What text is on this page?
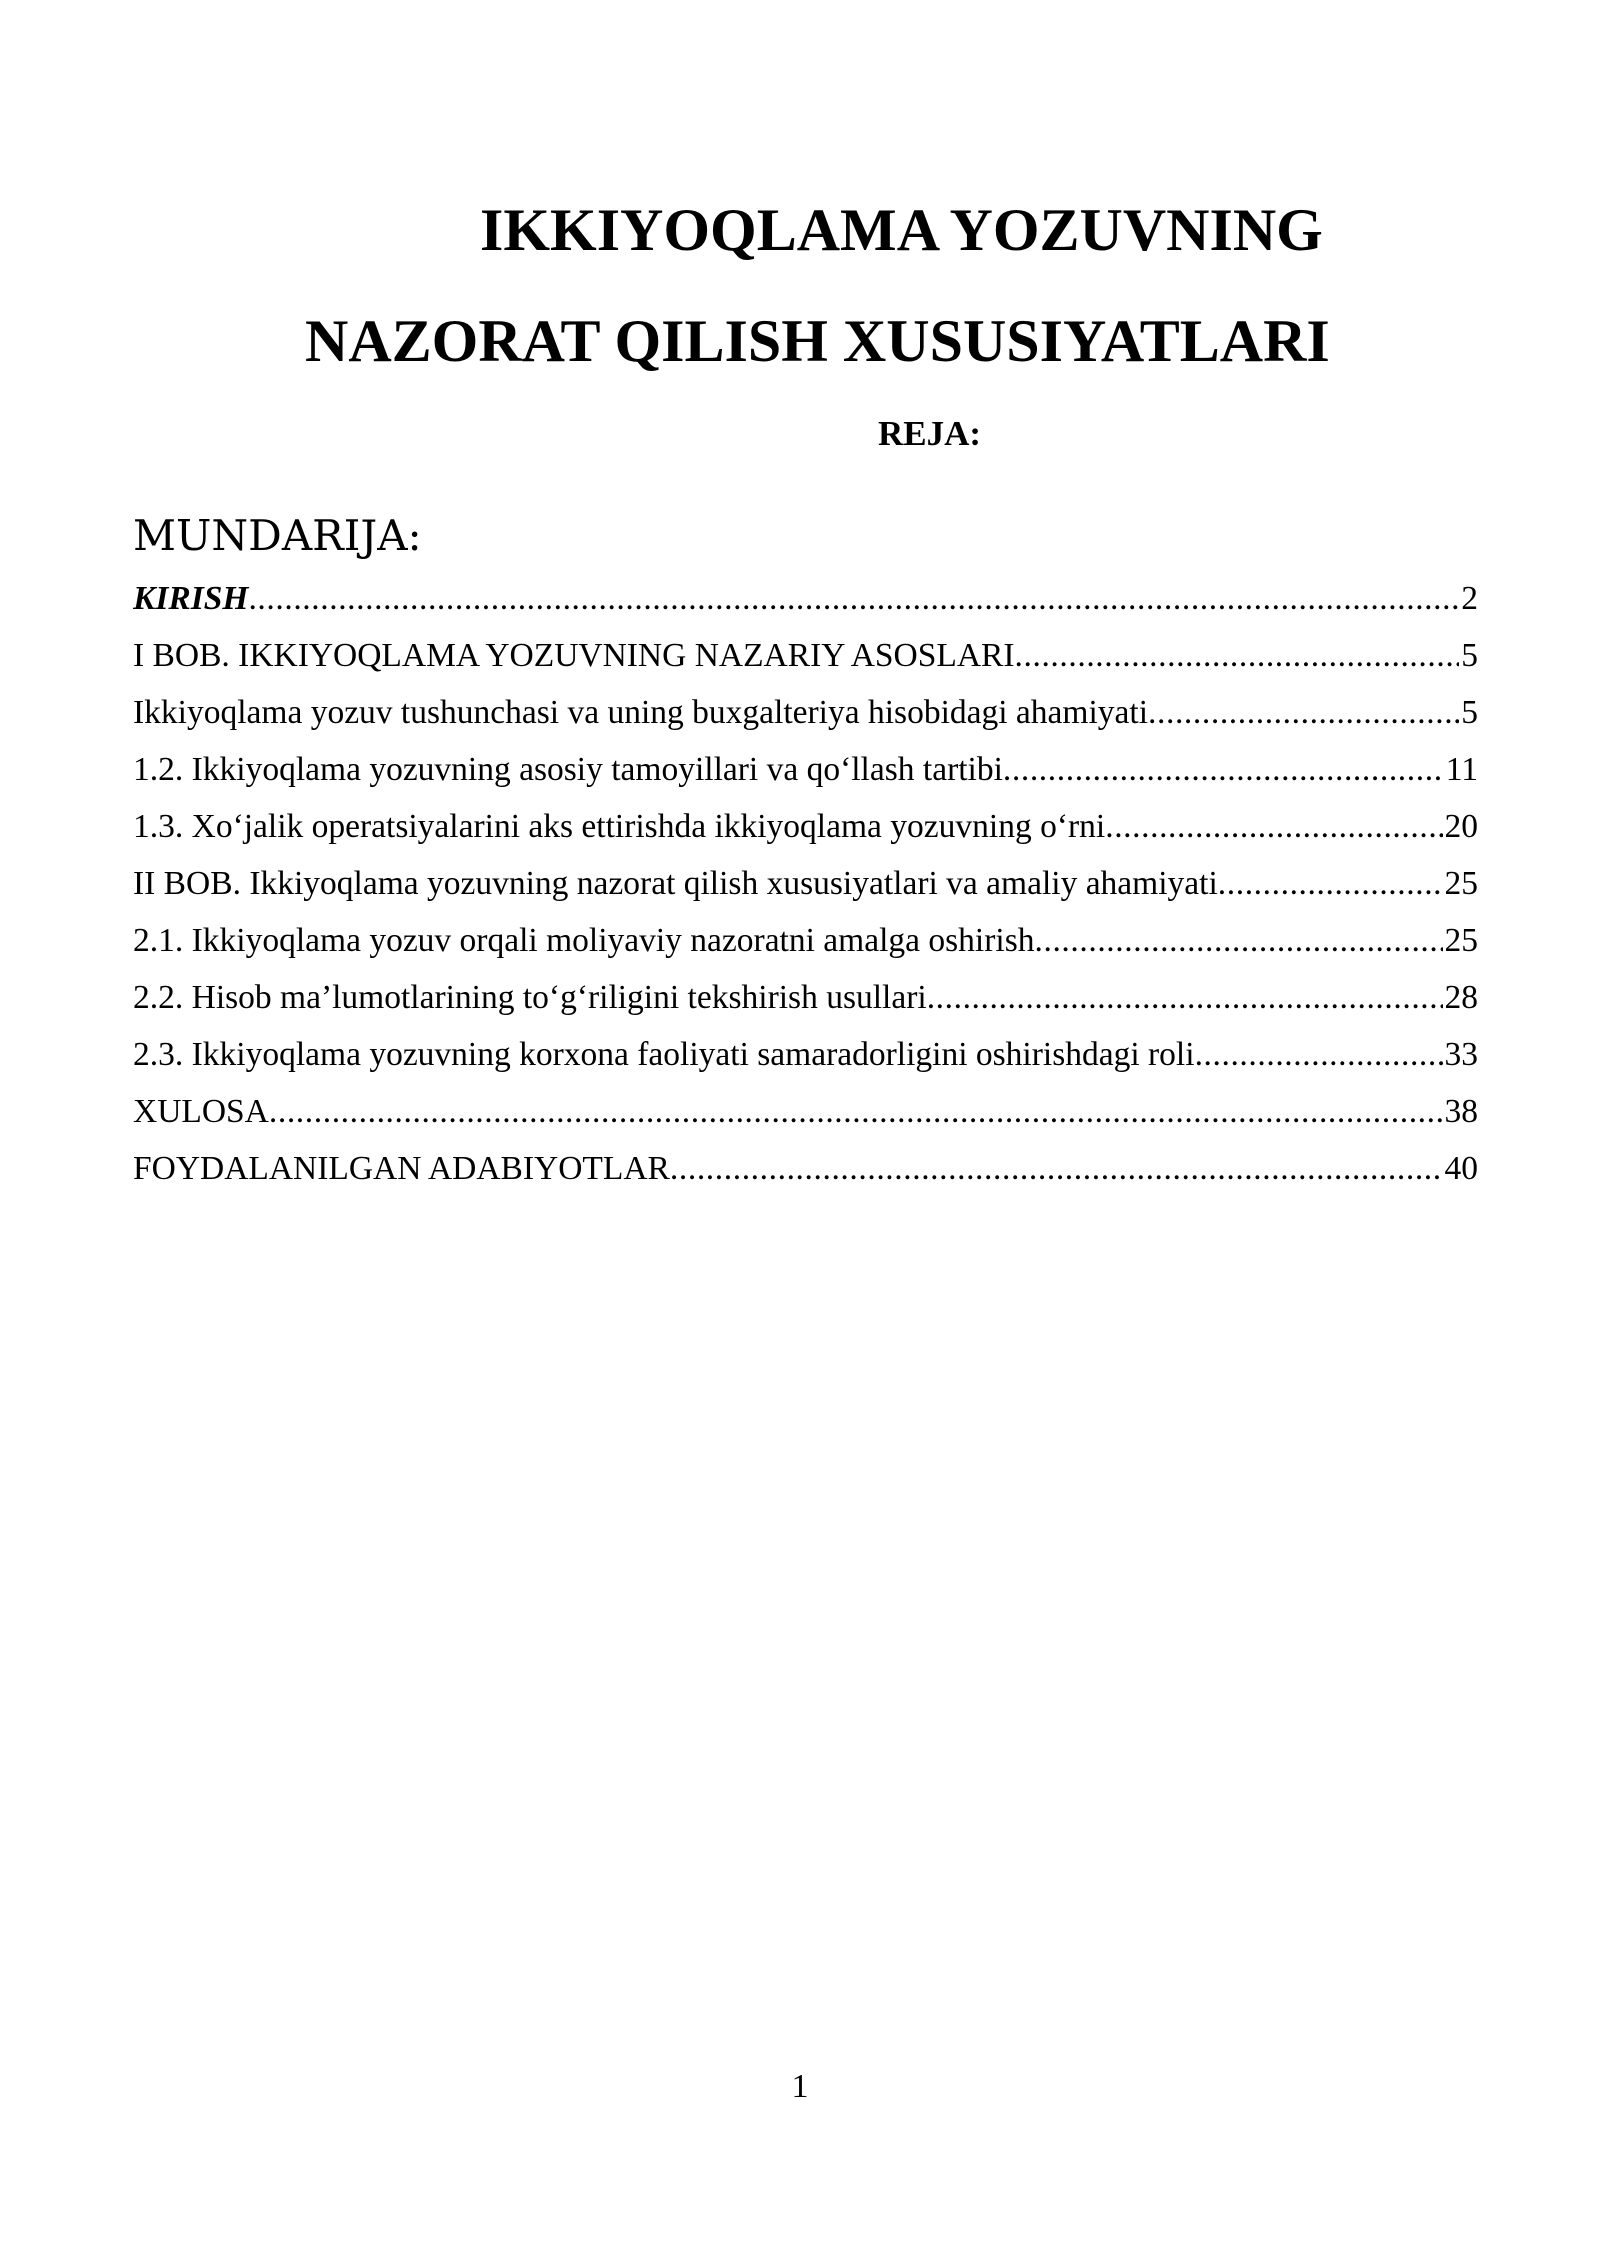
IKKIYOQLAMA YOZUVNING
NAZORAT QILISH XUSUSIYATLARI
REJA:
MUNDARIJA:
KIRISH .....	2
I BOB. IKKIYOQLAMA YOZUVNING NAZARIY ASOSLARI .....	5
Ikkiyoqlama yozuv tushunchasi va uning buxgalteriya hisobidagi ahamiyati .....	5
1.2. Ikkiyoqlama yozuvning asosiy tamoyillari va qo‘llash tartibi .....	11
1.3. Xo‘jalik operatsiyalarini aks ettirishda ikkiyoqlama yozuvning o‘rni .....	20
II BOB. Ikkiyoqlama yozuvning nazorat qilish xususiyatlari va amaliy ahamiyati .....	25
2.1. Ikkiyoqlama yozuv orqali moliyaviy nazoratni amalga oshirish .....	25
2.2. Hisob ma’lumotlarining to‘g‘riligini tekshirish usullari .....	28
2.3. Ikkiyoqlama yozuvning korxona faoliyati samaradorligini oshirishdagi roli .....	33
XULOSA .....	38
FOYDALANILGAN ADABIYOTLAR .....	40
1
